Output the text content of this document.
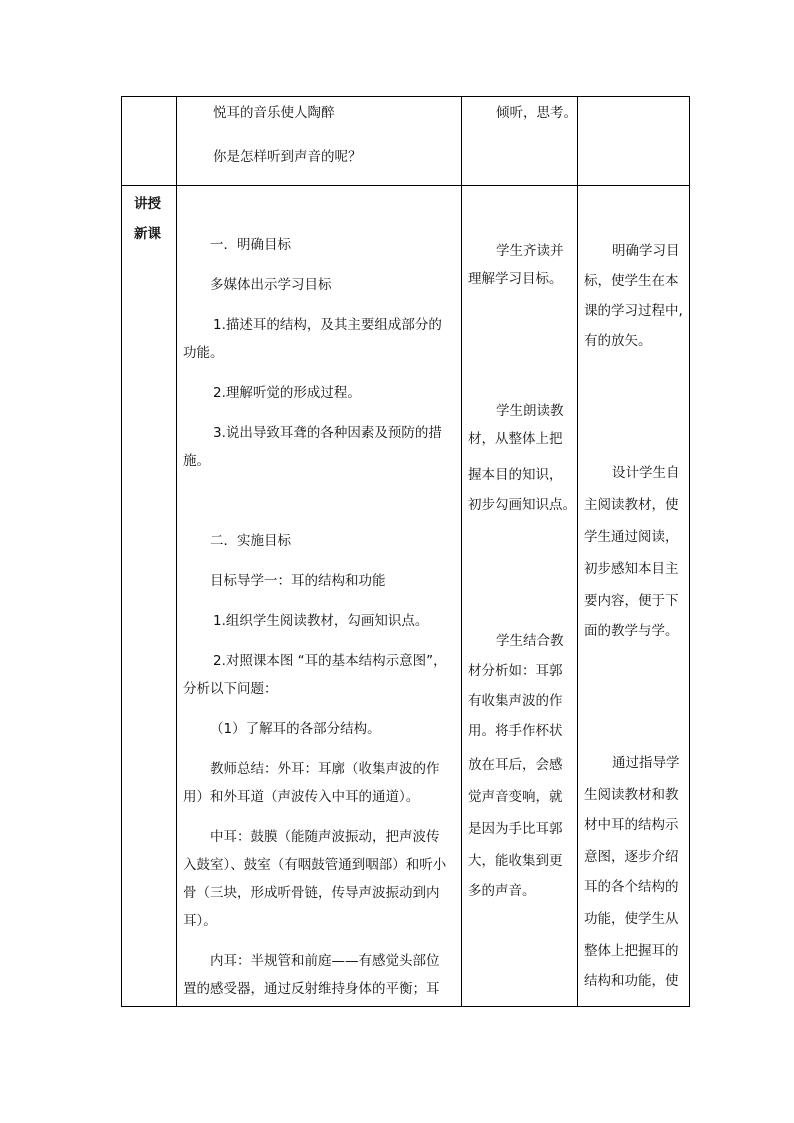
悦耳的音乐使人陶醉
你是怎样听到声音的呢？
倾听，思考。
讲授
新课
一．明确目标
多媒体出示学习目标
1.描述耳的结构，及其主要组成部分的
功能。
2.理解听觉的形成过程。
3.说出导致耳聋的各种因素及预防的措
施。
二．实施目标
目标导学一：耳的结构和功能
1.组织学生阅读教材，勾画知识点。
2.对照课本图 “耳的基本结构示意图”，
分析以下问题：
（1）了解耳的各部分结构。
教师总结：外耳：耳廓（收集声波的作
用）和外耳道（声波传入中耳的通道）。
中耳：鼓膜（能随声波振动，把声波传
入鼓室）、鼓室（有咽鼓管通到咽部）和听小
骨（三块，形成听骨链，传导声波振动到内
耳）。
内耳：半规管和前庭——有感觉头部位
置的感受器，通过反射维持身体的平衡；耳
学生齐读并
理解学习目标。
学生朗读教
材，从整体上把
握本目的知识，
初步勾画知识点。
学生结合教
材分析如：耳郭
有收集声波的作
用。将手作杯状
放在耳后，会感
觉声音变响，就
是因为手比耳郭
大，能收集到更
多的声音。
明确学习目
标，使学生在本
课的学习过程中,
有的放矢。
设计学生自
主阅读教材，使
学生通过阅读，
初步感知本目主
要内容，便于下
面的教学与学。
通过指导学
生阅读教材和教
材中耳的结构示
意图，逐步介绍
耳的各个结构的
功能，使学生从
整体上把握耳的
结构和功能，使
